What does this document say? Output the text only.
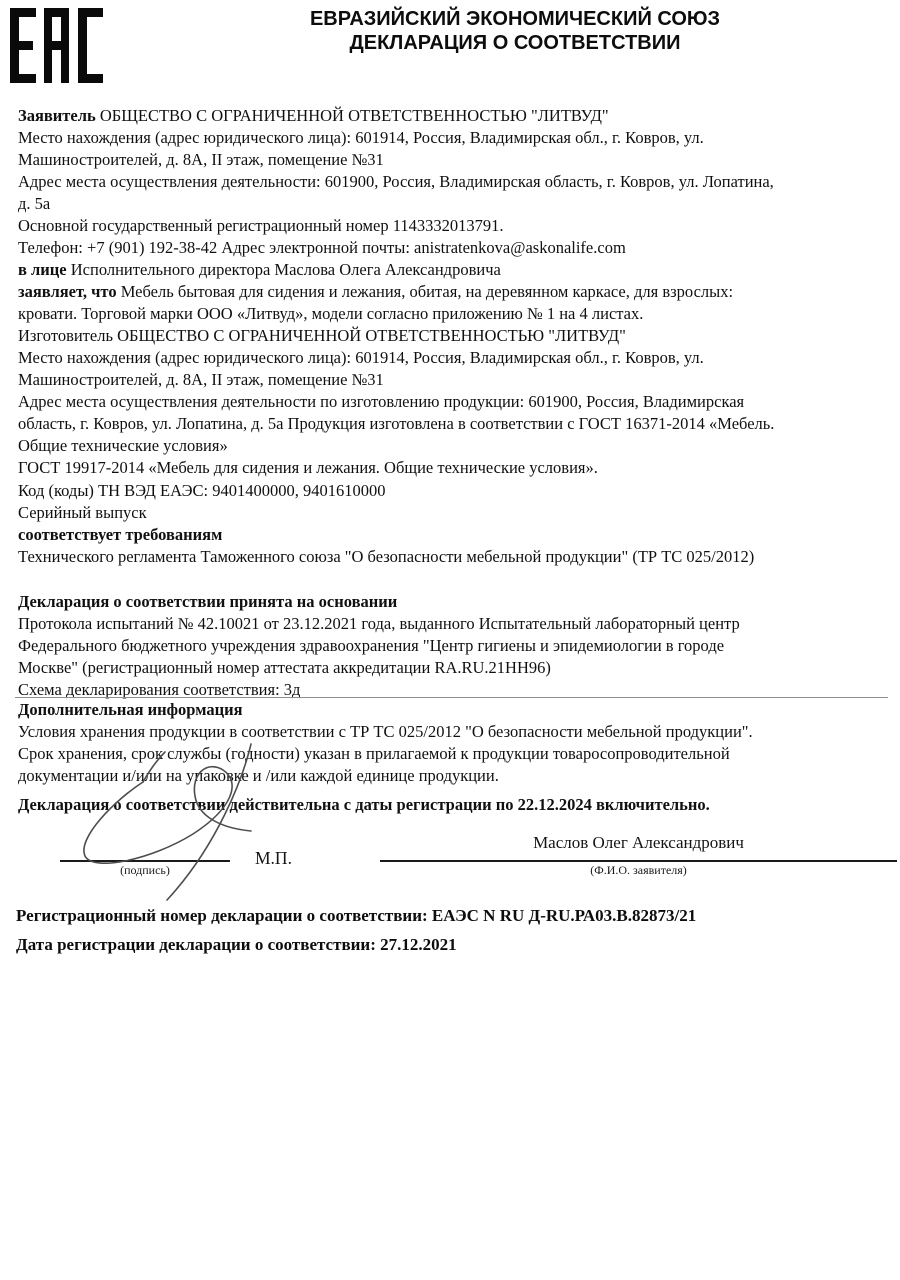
ЕВРАЗИЙСКИЙ ЭКОНОМИЧЕСКИЙ СОЮЗ
ДЕКЛАРАЦИЯ О СООТВЕТСТВИИ
Заявитель ОБЩЕСТВО С ОГРАНИЧЕННОЙ ОТВЕТСТВЕННОСТЬЮ "ЛИТВУД"
Место нахождения (адрес юридического лица): 601914, Россия, Владимирская обл., г. Ковров, ул.
Машиностроителей, д. 8А, II этаж, помещение №31
Адрес места осуществления деятельности: 601900, Россия, Владимирская область, г. Ковров, ул. Лопатина,
д. 5а
Основной государственный регистрационный номер 1143332013791.
Телефон: +7 (901) 192-38-42 Адрес электронной почты: anistratenkova@askonalife.com
в лице Исполнительного директора Маслова Олега Александровича
заявляет, что Мебель бытовая для сидения и лежания, обитая, на деревянном каркасе, для взрослых:
кровати. Торговой марки ООО «Литвуд», модели согласно приложению № 1 на 4 листах.
Изготовитель ОБЩЕСТВО С ОГРАНИЧЕННОЙ ОТВЕТСТВЕННОСТЬЮ "ЛИТВУД"
Место нахождения (адрес юридического лица): 601914, Россия, Владимирская обл., г. Ковров, ул.
Машиностроителей, д. 8А, II этаж, помещение №31
Адрес места осуществления деятельности по изготовлению продукции: 601900, Россия, Владимирская
область, г. Ковров, ул. Лопатина, д. 5а Продукция изготовлена в соответствии с ГОСТ 16371-2014 «Мебель.
Общие технические условия»
ГОСТ 19917-2014 «Мебель для сидения и лежания. Общие технические условия».
Код (коды) ТН ВЭД ЕАЭС: 9401400000, 9401610000
Серийный выпуск
соответствует требованиям
Технического регламента Таможенного союза "О безопасности мебельной продукции" (ТР ТС 025/2012)
Декларация о соответствии принята на основании
Протокола испытаний № 42.10021 от 23.12.2021 года, выданного Испытательный лабораторный центр
Федерального бюджетного учреждения здравоохранения "Центр гигиены и эпидемиологии в городе
Москве" (регистрационный номер аттестата аккредитации RA.RU.21HH96)
Схема декларирования соответствия: 3д
Дополнительная информация
Условия хранения продукции в соответствии с ТР ТС 025/2012 "О безопасности мебельной продукции".
Срок хранения, срок службы (годности) указан в прилагаемой к продукции товаросопроводительной
документации и/или на упаковке и /или каждой единице продукции.
Декларация о соответствии действительна с даты регистрации по 22.12.2024 включительно.
Маслов Олег Александрович
(подпись)	(Ф.И.О. заявителя)
М.П.
Регистрационный номер декларации о соответствии: ЕАЭС N RU Д-RU.РА03.В.82873/21
Дата регистрации декларации о соответствии: 27.12.2021
